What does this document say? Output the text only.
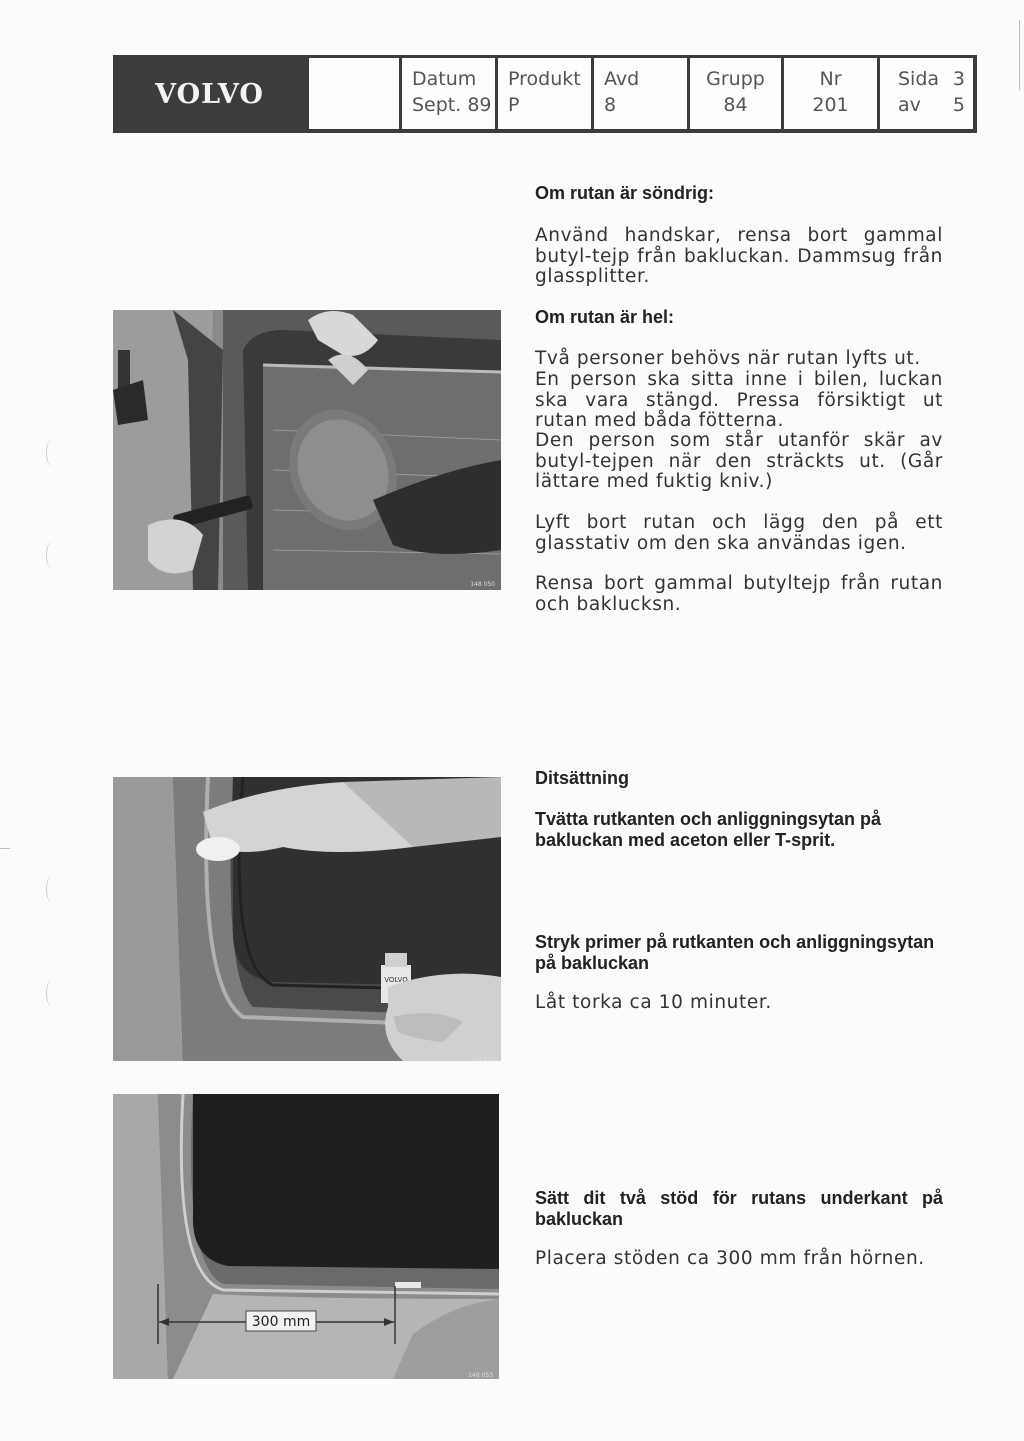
VOLVO	Datum
Sept. 89
Produkt
P
Avd
8
Grupp
84
Nr
201
Sida 3
av 5
Om rutan är söndrig:
Använd handskar, rensa bort gammal butyl-tejp från bakluckan. Dammsug från glassplitter.
Om rutan är hel:
Två personer behövs när rutan lyfts ut.
En person ska sitta inne i bilen, luckan ska vara stängd. Pressa försiktigt ut rutan med båda fötterna.
Den person som står utanför skär av butyl-tejpen när den sträckts ut. (Går lättare med fuktig kniv.)
Lyft bort rutan och lägg den på ett glasstativ om den ska användas igen.
Rensa bort gammal butyltejp från rutan och baklucksn.
148 050
Ditsättning
Tvätta rutkanten och anliggningsytan på bakluckan med aceton eller T-sprit.
Stryk primer på rutkanten och anliggningsytan på bakluckan
Låt torka ca 10 minuter.
VOLVO
148 052
Sätt dit två stöd för rutans underkant på bakluckan
Placera stöden ca 300 mm från hörnen.
300 mm
148 053
